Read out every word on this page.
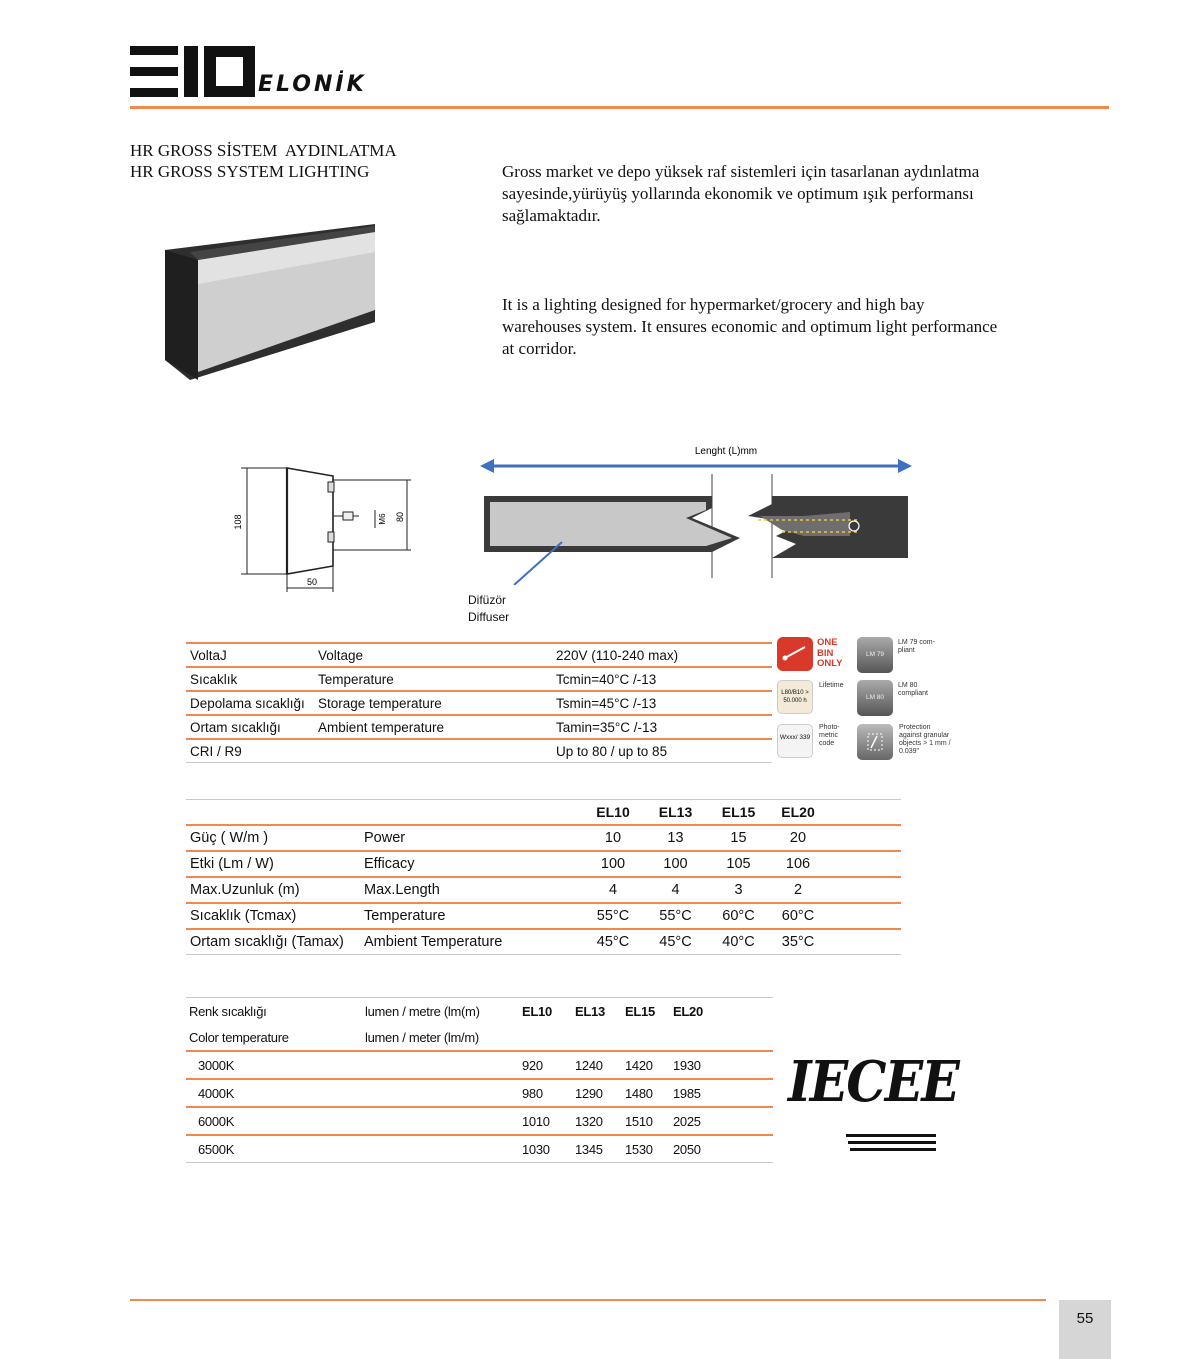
ELONİK
HR GROSS SİSTEM  AYDINLATMA
HR GROSS SYSTEM LIGHTING	Gross market ve depo yüksek raf sistemleri için tasarlanan aydınlatma sayesinde,yürüyüş yollarında ekonomik ve optimum ışık performansı sağlamaktadır.
It is a lighting designed for hypermarket/grocery and high bay warehouses system. It ensures economic and optimum light performance at corridor.
108	M6 80
50
Lenght (L)mm
Difüzör
Diffuser
VoltaJ	Voltage	220V (110-240 max)
Sıcaklık	Temperature	Tcmin=40°C /-13
Depolama sıcaklığı	Storage temperature	Tsmin=45°C /-13
Ortam sıcaklığı	Ambient temperature	Tamin=35°C /-13
CRI / R9		Up to 80 / up to 85
ONE
BIN
ONLY
LM 79
LM 79 com-pliant
L80/B10 > 50.000 h
Lifetime
LM 80
LM 80 compliant
Wxxx/ 339
Photo-metric code
Protection against granular objects > 1 mm / 0.039"
		EL10	EL13	EL15	EL20	
Güç ( W/m )	Power	10	13	15	20	
Etki (Lm / W)	Efficacy	100	100	105	106	
Max.Uzunluk (m)	Max.Length	4	4	3	2	
Sıcaklık (Tcmax)	Temperature	55°C	55°C	60°C	60°C	
Ortam sıcaklığı (Tamax)	Ambient Temperature	45°C	45°C	40°C	35°C	
Renk sıcaklığı	lumen / metre (lm(m)	EL10	EL13	EL15	EL20	
Color temperature	lumen / meter (lm/m)					
3000K		920	1240	1420	1930	
4000K		980	1290	1480	1985	
6000K		1010	1320	1510	2025	
6500K		1030	1345	1530	2050	
IECEE
55
